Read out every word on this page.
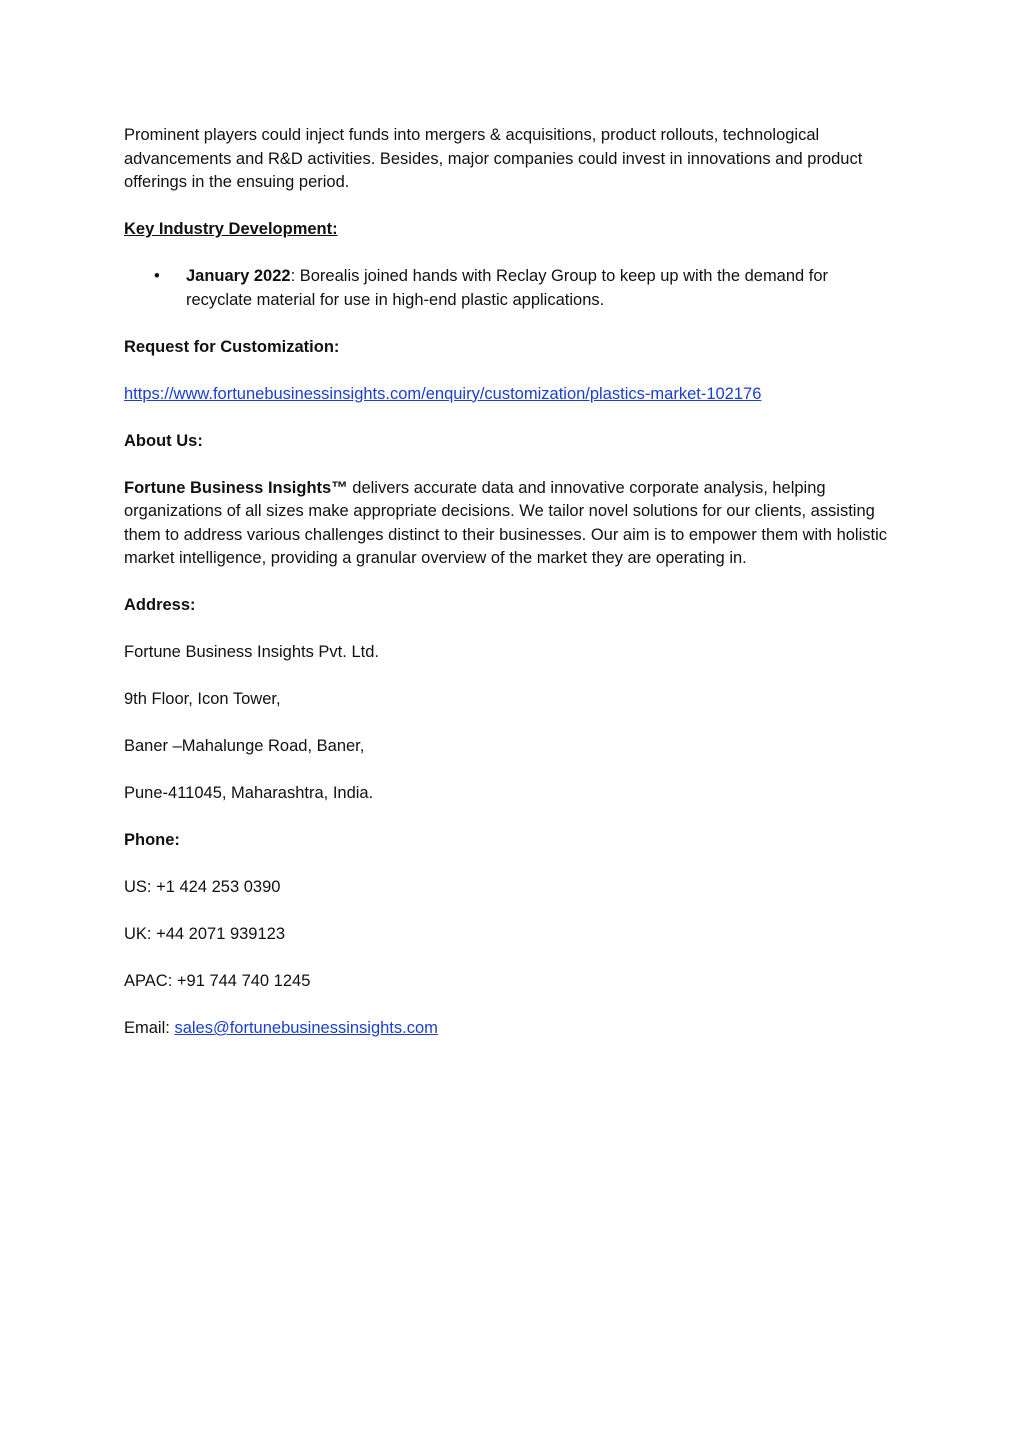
Prominent players could inject funds into mergers & acquisitions, product rollouts, technological advancements and R&D activities. Besides, major companies could invest in innovations and product offerings in the ensuing period.

Key Industry Development:

•	January 2022: Borealis joined hands with Reclay Group to keep up with the demand for recyclate material for use in high-end plastic applications.

Request for Customization:

https://www.fortunebusinessinsights.com/enquiry/customization/plastics-market-102176

About Us:

Fortune Business Insights™ delivers accurate data and innovative corporate analysis, helping organizations of all sizes make appropriate decisions. We tailor novel solutions for our clients, assisting them to address various challenges distinct to their businesses. Our aim is to empower them with holistic market intelligence, providing a granular overview of the market they are operating in.

Address:

Fortune Business Insights Pvt. Ltd.

9th Floor, Icon Tower,

Baner –Mahalunge Road, Baner,

Pune-411045, Maharashtra, India.

Phone:

US: +1 424 253 0390

UK: +44 2071 939123

APAC: +91 744 740 1245

Email: sales@fortunebusinessinsights.com
